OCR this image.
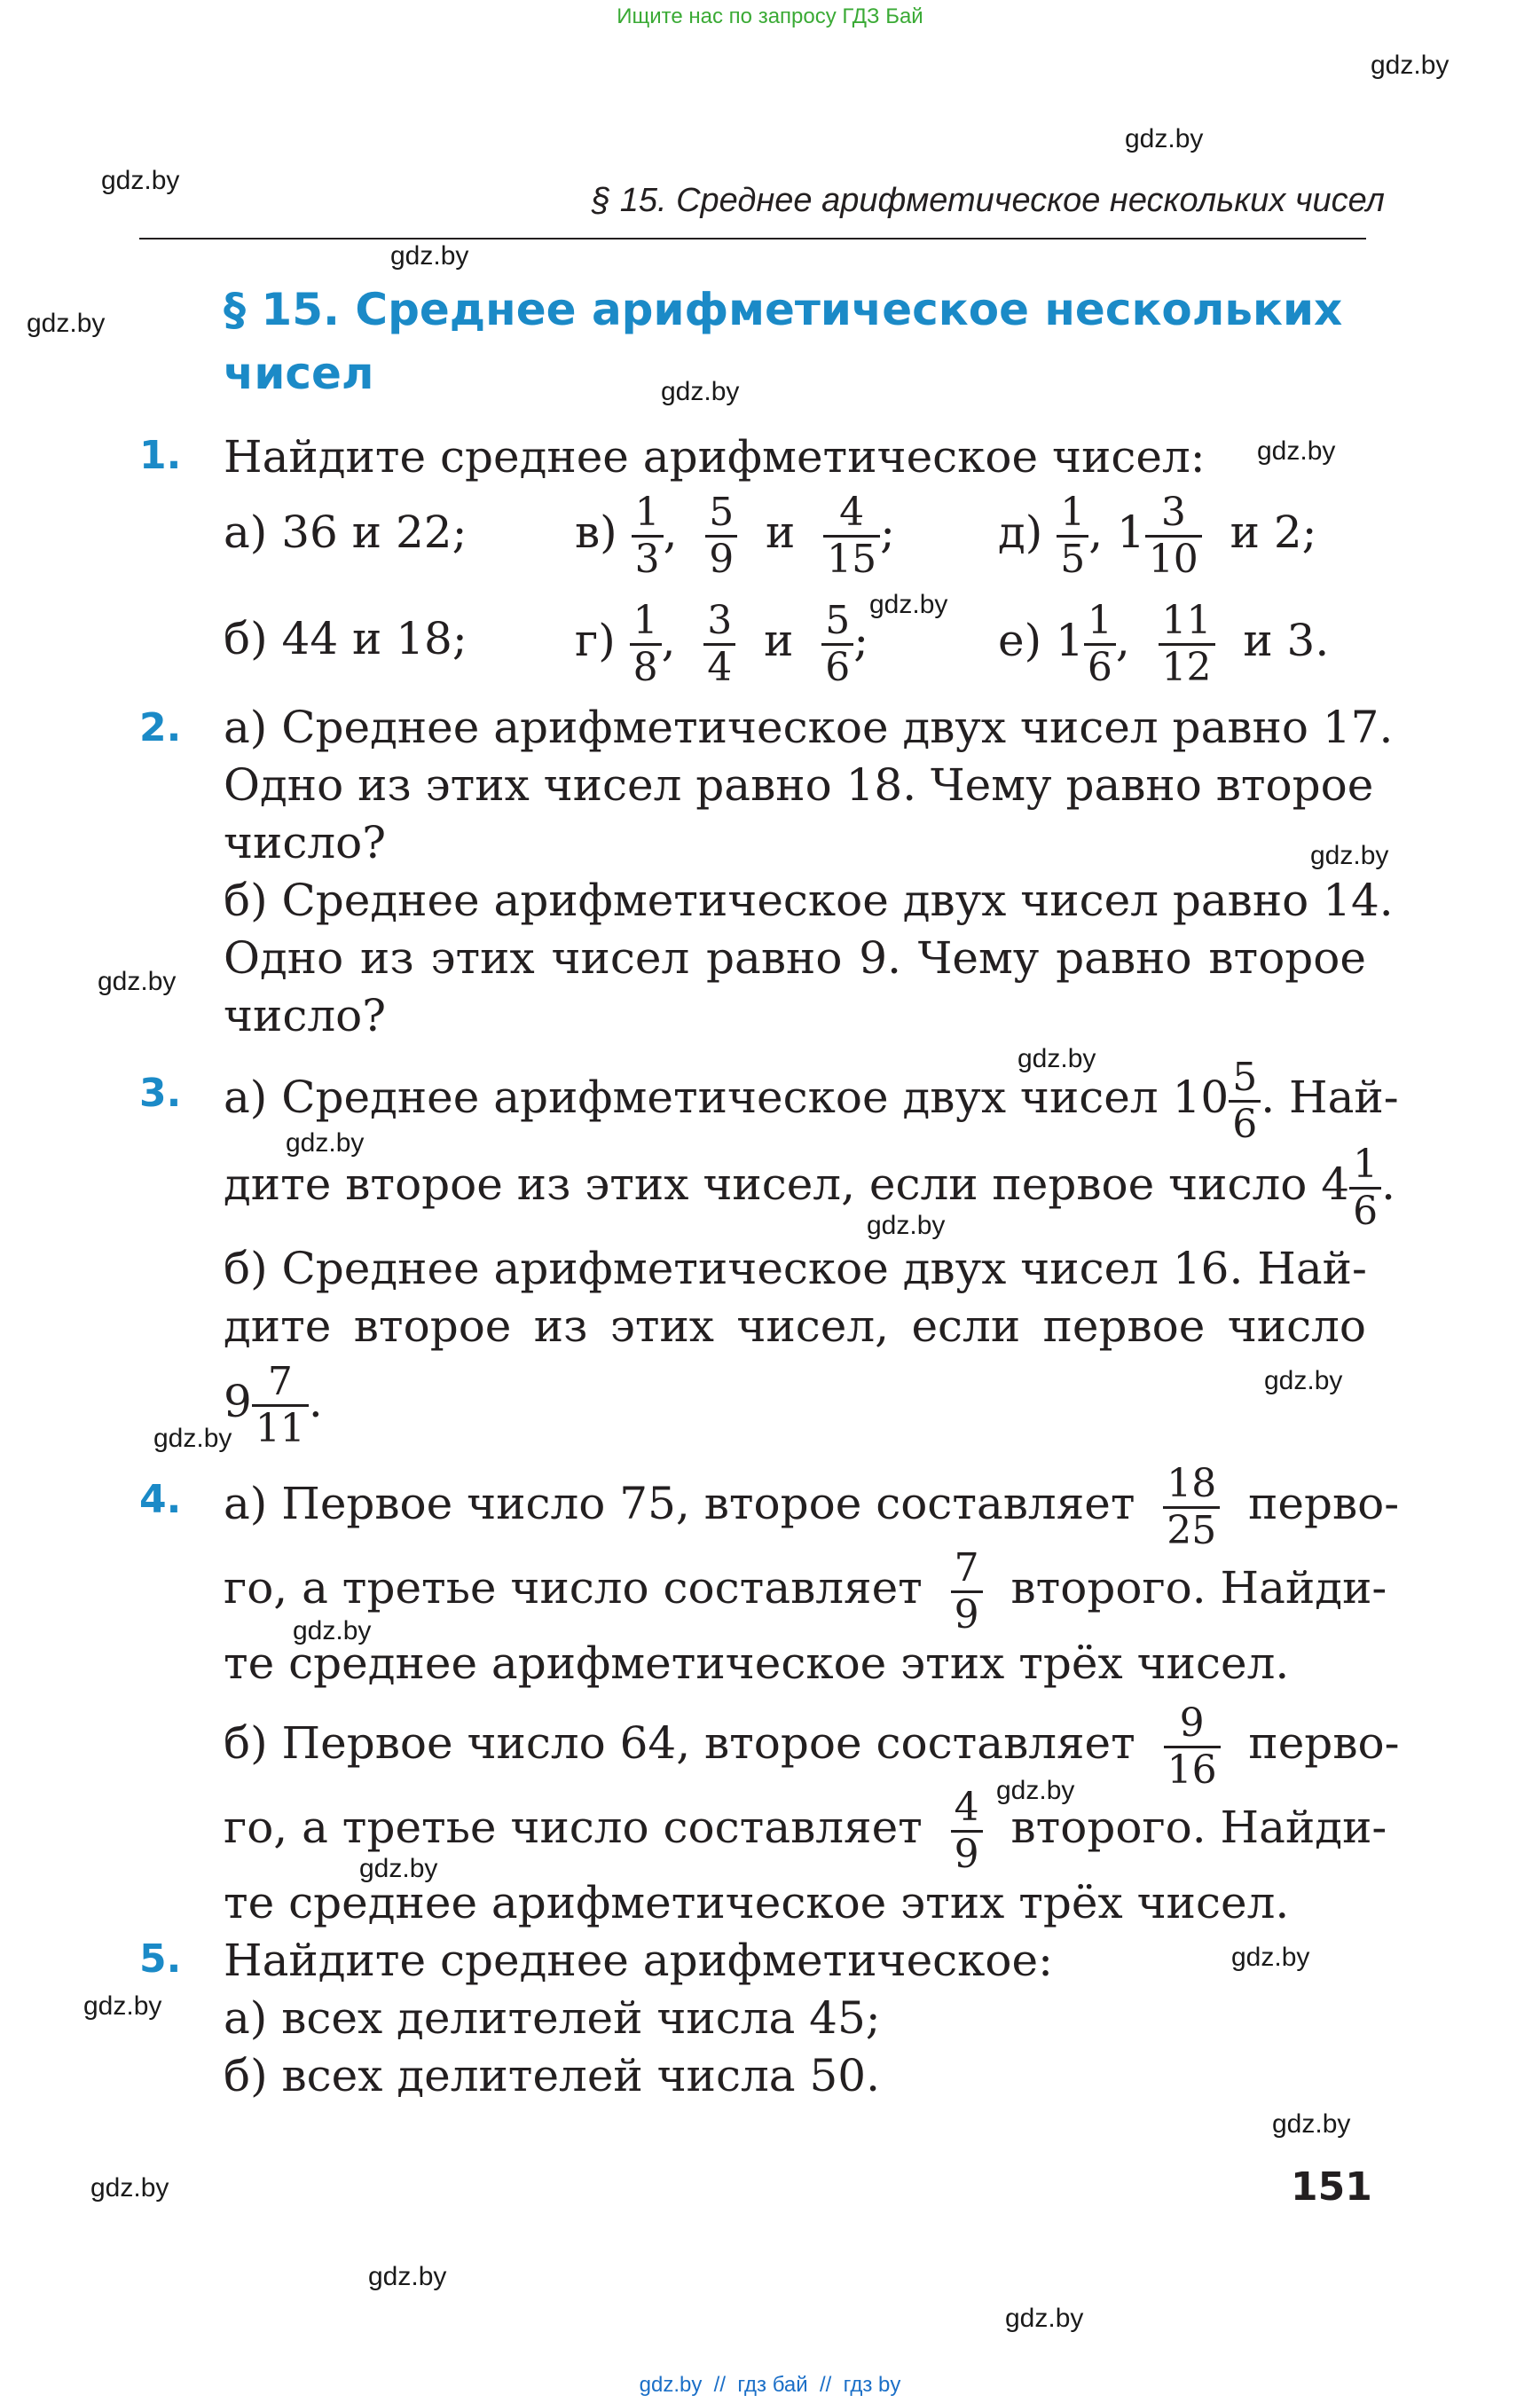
Ищите нас по запросу ГДЗ Бай
§ 15. Среднее арифметическое нескольких чисел
§ 15. Среднее арифметическое нескольких
чисел
1. Найдите среднее арифметическое чисел:
а) 36 и 22;
б) 44 и 18;
$в) \frac{1}{3}$ , $\frac{5}{9}$ и $\frac{4}{15}$ ;
$г) \frac{1}{8}$ , $\frac{3}{4}$ и $\frac{5}{6}$ ;
$д) \frac{1}{5}$ , $1 \frac{3}{10}$ и 2;
е) $1 \frac{1}{6}$ , $\frac{11}{12}$ и 3.
2. а) Среднее арифметическое двух чисел равно 17.
Одно из этих чисел равно 18. Чему равно второе
число?
б) Среднее арифметическое двух чисел равно 14.
Одно из этих чисел равно 9. Чему равно второе
число?
3. а) Среднее арифметическое двух чисел $10 \frac{5}{6}$ . Най-
дите второе из этих чисел, если первое число $4 \frac{1}{6}$ .
б) Среднее арифметическое двух чисел 16. Най-
дите второе из этих чисел, если первое число
$9 \frac{7}{11}$ .
4. а) Первое число 75, второе составляет $\frac{18}{25}$ перво-
го, а третье число составляет $\frac{7}{9}$ второго. Найди-
те среднее арифметическое этих трёх чисел.
б) Первое число 64, второе составляет $\frac{9}{16}$ перво-
го, а третье число составляет $\frac{4}{9}$ второго. Найди-
те среднее арифметическое этих трёх чисел.
5. Найдите среднее арифметическое:
а) всех делителей числа 45;
б) всех делителей числа 50.
151
gdz.by  //  гдз бай  //  гдз by
gdz.by
gdz.by
gdz.by
gdz.by
gdz.by
gdz.by
gdz.by
gdz.by
gdz.by
gdz.by
gdz.by
gdz.by
gdz.by
gdz.by
gdz.by
gdz.by
gdz.by
gdz.by
gdz.by
gdz.by
gdz.by
gdz.by
gdz.by
gdz.by
